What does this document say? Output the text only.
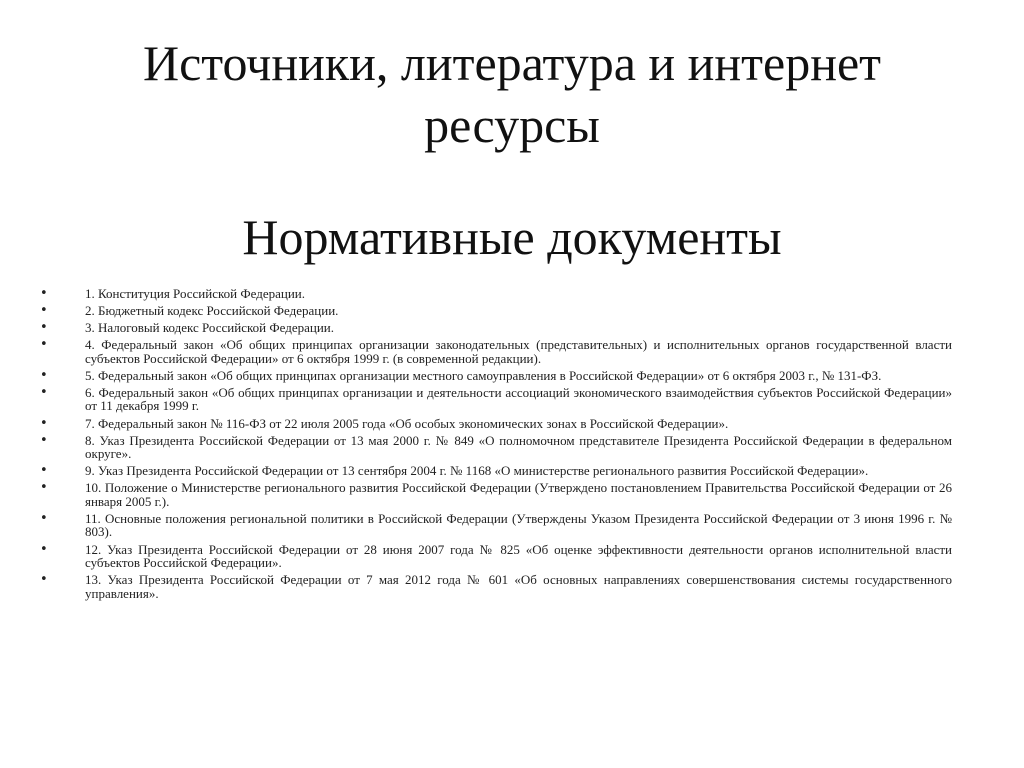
Источники, литература и интернет ресурсы
Нормативные документы
•	1. Конституция Российской Федерации.
•	2. Бюджетный кодекс Российской Федерации.
•	3. Налоговый кодекс Российской Федерации.
•	4. Федеральный закон «Об общих принципах организации законодательных (представительных) и исполнительных органов государственной власти субъектов Российской Федерации» от 6 октября 1999 г. (в современной редакции).
•	5. Федеральный закон «Об общих принципах организации местного самоуправления в Российской Федерации» от 6 октября 2003 г., № 131-ФЗ.
•	6. Федеральный закон «Об общих принципах организации и деятельности ассоциаций экономического взаимодействия субъектов Российской Федерации» от 11 декабря 1999 г.
•	7. Федеральный закон № 116-ФЗ от 22 июля 2005 года «Об особых экономических зонах в Российской Федерации».
•	8. Указ Президента Российской Федерации от 13 мая 2000 г. № 849 «О полномочном представителе Президента Российской Федерации в федеральном округе».
•	9. Указ Президента Российской Федерации от 13 сентября 2004 г. № 1168 «О министерстве регионального развития Российской Федерации».
•	10. Положение о Министерстве регионального развития Российской Федерации (Утверждено постановлением Правительства Российской Федерации от 26 января 2005 г.).
•	11. Основные положения региональной политики в Российской Федерации (Утверждены Указом Президента Российской Федерации от 3 июня 1996 г. № 803).
•	12. Указ Президента Российской Федерации от 28 июня 2007 года № 825 «Об оценке эффективности деятельности органов исполнительной власти субъектов Российской Федерации».
•	13. Указ Президента Российской Федерации от 7 мая 2012 года № 601 «Об основных направлениях совершенствования системы государственного управления».
